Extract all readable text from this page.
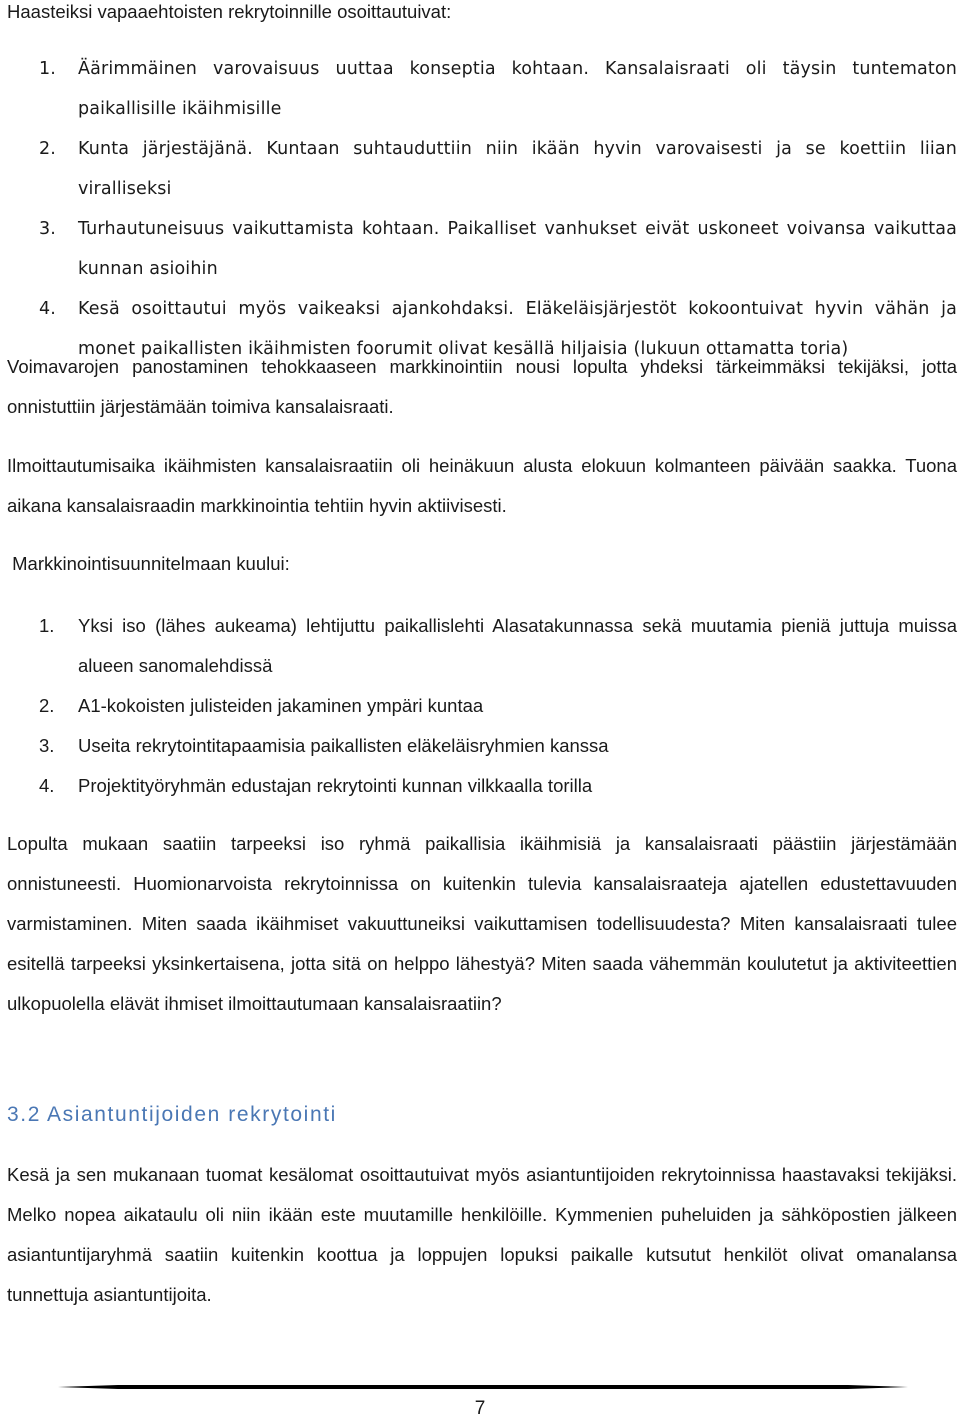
Haasteiksi vapaaehtoisten rekrytoinnille osoittautuivat:
1. Äärimmäinen varovaisuus uuttaa konseptia kohtaan. Kansalaisraati oli täysin tuntematon paikallisille ikäihmisille
2. Kunta järjestäjänä. Kuntaan suhtauduttiin niin ikään hyvin varovaisesti ja se koettiin liian viralliseksi
3. Turhautuneisuus vaikuttamista kohtaan. Paikalliset vanhukset eivät uskoneet voivansa vaikuttaa kunnan asioihin
4. Kesä osoittautui myös vaikeaksi ajankohdaksi. Eläkeläisjärjestöt kokoontuivat hyvin vähän ja monet paikallisten ikäihmisten foorumit olivat kesällä hiljaisia (lukuun ottamatta toria)

Voimavarojen panostaminen tehokkaaseen markkinointiin nousi lopulta yhdeksi tärkeimmäksi tekijäksi, jotta onnistuttiin järjestämään toimiva kansalaisraati.

Ilmoittautumisaika ikäihmisten kansalaisraatiin oli heinäkuun alusta elokuun kolmanteen päivään saakka. Tuona aikana kansalaisraadin markkinointia tehtiin hyvin aktiivisesti.

Markkinointisuunnitelmaan kuului:

1. Yksi iso (lähes aukeama) lehtijuttu paikallislehti Alasatakunnassa sekä muutamia pieniä juttuja muissa alueen sanomalehdissä
2. A1-kokoisten julisteiden jakaminen ympäri kuntaa
3. Useita rekrytointitapaamisia paikallisten eläkeläisryhmien kanssa
4. Projektityöryhmän edustajan rekrytointi kunnan vilkkaalla torilla

Lopulta mukaan saatiin tarpeeksi iso ryhmä paikallisia ikäihmisiä ja kansalaisraati päästiin järjestämään onnistuneesti. Huomionarvoista rekrytoinnissa on kuitenkin tulevia kansalaisraateja ajatellen edustettavuuden varmistaminen. Miten saada ikäihmiset vakuuttuneiksi vaikuttamisen todellisuudesta? Miten kansalaisraati tulee esitellä tarpeeksi yksinkertaisena, jotta sitä on helppo lähestyä? Miten saada vähemmän koulutetut ja aktiviteettien ulkopuolella elävät ihmiset ilmoittautumaan kansalaisraatiin?

3.2 Asiantuntijoiden rekrytointi

Kesä ja sen mukanaan tuomat kesälomat osoittautuivat myös asiantuntijoiden rekrytoinnissa haastavaksi tekijäksi. Melko nopea aikataulu oli niin ikään este muutamille henkilöille. Kymmenien puheluiden ja sähköpostien jälkeen asiantuntijaryhmä saatiin kuitenkin koottua ja loppujen lopuksi paikalle kutsutut henkilöt olivat omanalansa tunnettuja asiantuntijoita.

7
